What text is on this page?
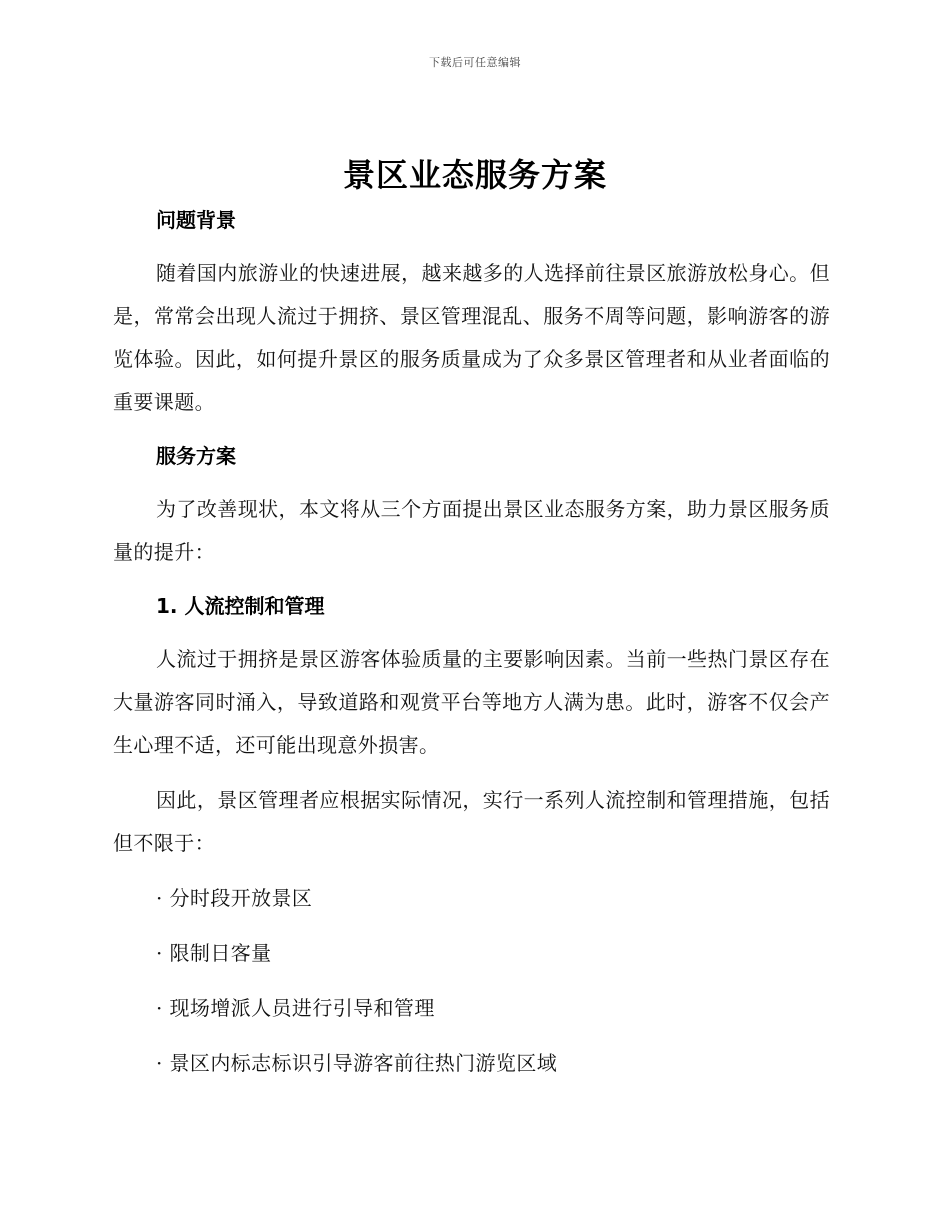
下载后可任意编辑
景区业态服务方案
问题背景

随着国内旅游业的快速进展，越来越多的人选择前往景区旅游放松身心。但是，常常会出现人流过于拥挤、景区管理混乱、服务不周等问题，影响游客的游览体验。因此，如何提升景区的服务质量成为了众多景区管理者和从业者面临的重要课题。

服务方案

为了改善现状，本文将从三个方面提出景区业态服务方案，助力景区服务质量的提升：

1. 人流控制和管理

人流过于拥挤是景区游客体验质量的主要影响因素。当前一些热门景区存在大量游客同时涌入，导致道路和观赏平台等地方人满为患。此时，游客不仅会产生心理不适，还可能出现意外损害。

因此，景区管理者应根据实际情况，实行一系列人流控制和管理措施，包括但不限于：

· 分时段开放景区

· 限制日客量

· 现场增派人员进行引导和管理

· 景区内标志标识引导游客前往热门游览区域
